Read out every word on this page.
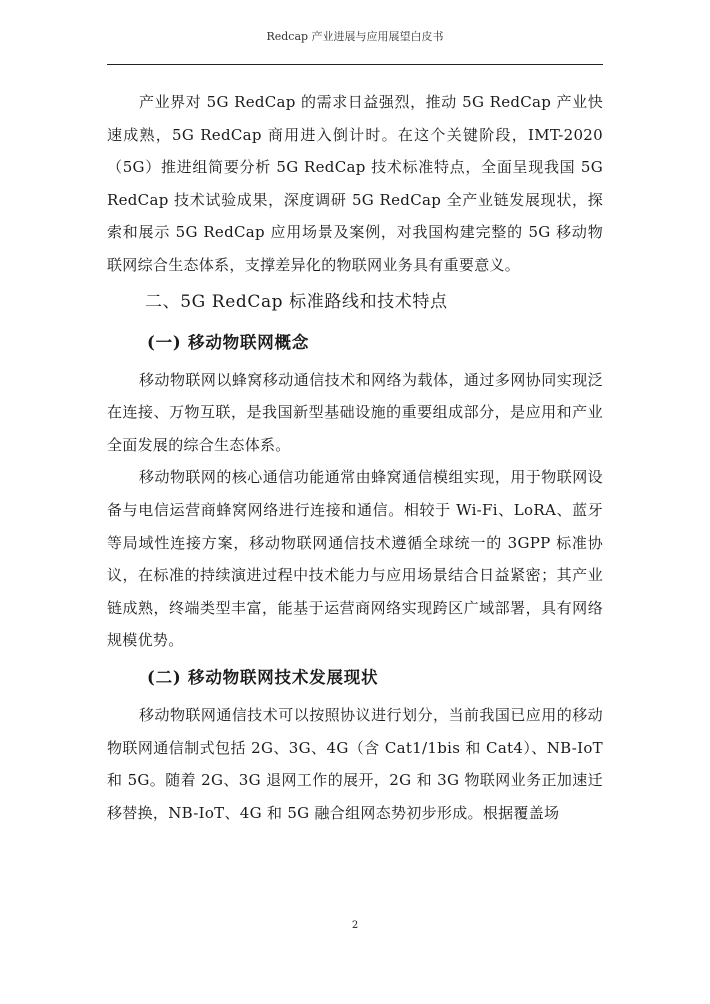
Redcap 产业进展与应用展望白皮书

产业界对 5G RedCap 的需求日益强烈，推动 5G RedCap 产业快速成熟，5G RedCap 商用进入倒计时。在这个关键阶段，IMT-2020（5G）推进组简要分析 5G RedCap 技术标准特点，全面呈现我国 5G RedCap 技术试验成果，深度调研 5G RedCap 全产业链发展现状，探索和展示 5G RedCap 应用场景及案例，对我国构建完整的 5G 移动物联网综合生态体系，支撑差异化的物联网业务具有重要意义。

二、5G RedCap 标准路线和技术特点
(一) 移动物联网概念

移动物联网以蜂窝移动通信技术和网络为载体，通过多网协同实现泛在连接、万物互联，是我国新型基础设施的重要组成部分，是应用和产业全面发展的综合生态体系。

移动物联网的核心通信功能通常由蜂窝通信模组实现，用于物联网设备与电信运营商蜂窝网络进行连接和通信。相较于 Wi-Fi、LoRA、蓝牙等局域性连接方案，移动物联网通信技术遵循全球统一的 3GPP 标准协议，在标准的持续演进过程中技术能力与应用场景结合日益紧密；其产业链成熟，终端类型丰富，能基于运营商网络实现跨区广域部署，具有网络规模优势。

(二) 移动物联网技术发展现状

移动物联网通信技术可以按照协议进行划分，当前我国已应用的移动物联网通信制式包括 2G、3G、4G（含 Cat1/1bis 和 Cat4）、NB-IoT 和 5G。随着 2G、3G 退网工作的展开，2G 和 3G 物联网业务正加速迁移替换，NB-IoT、4G 和 5G 融合组网态势初步形成。根据覆盖场

2
